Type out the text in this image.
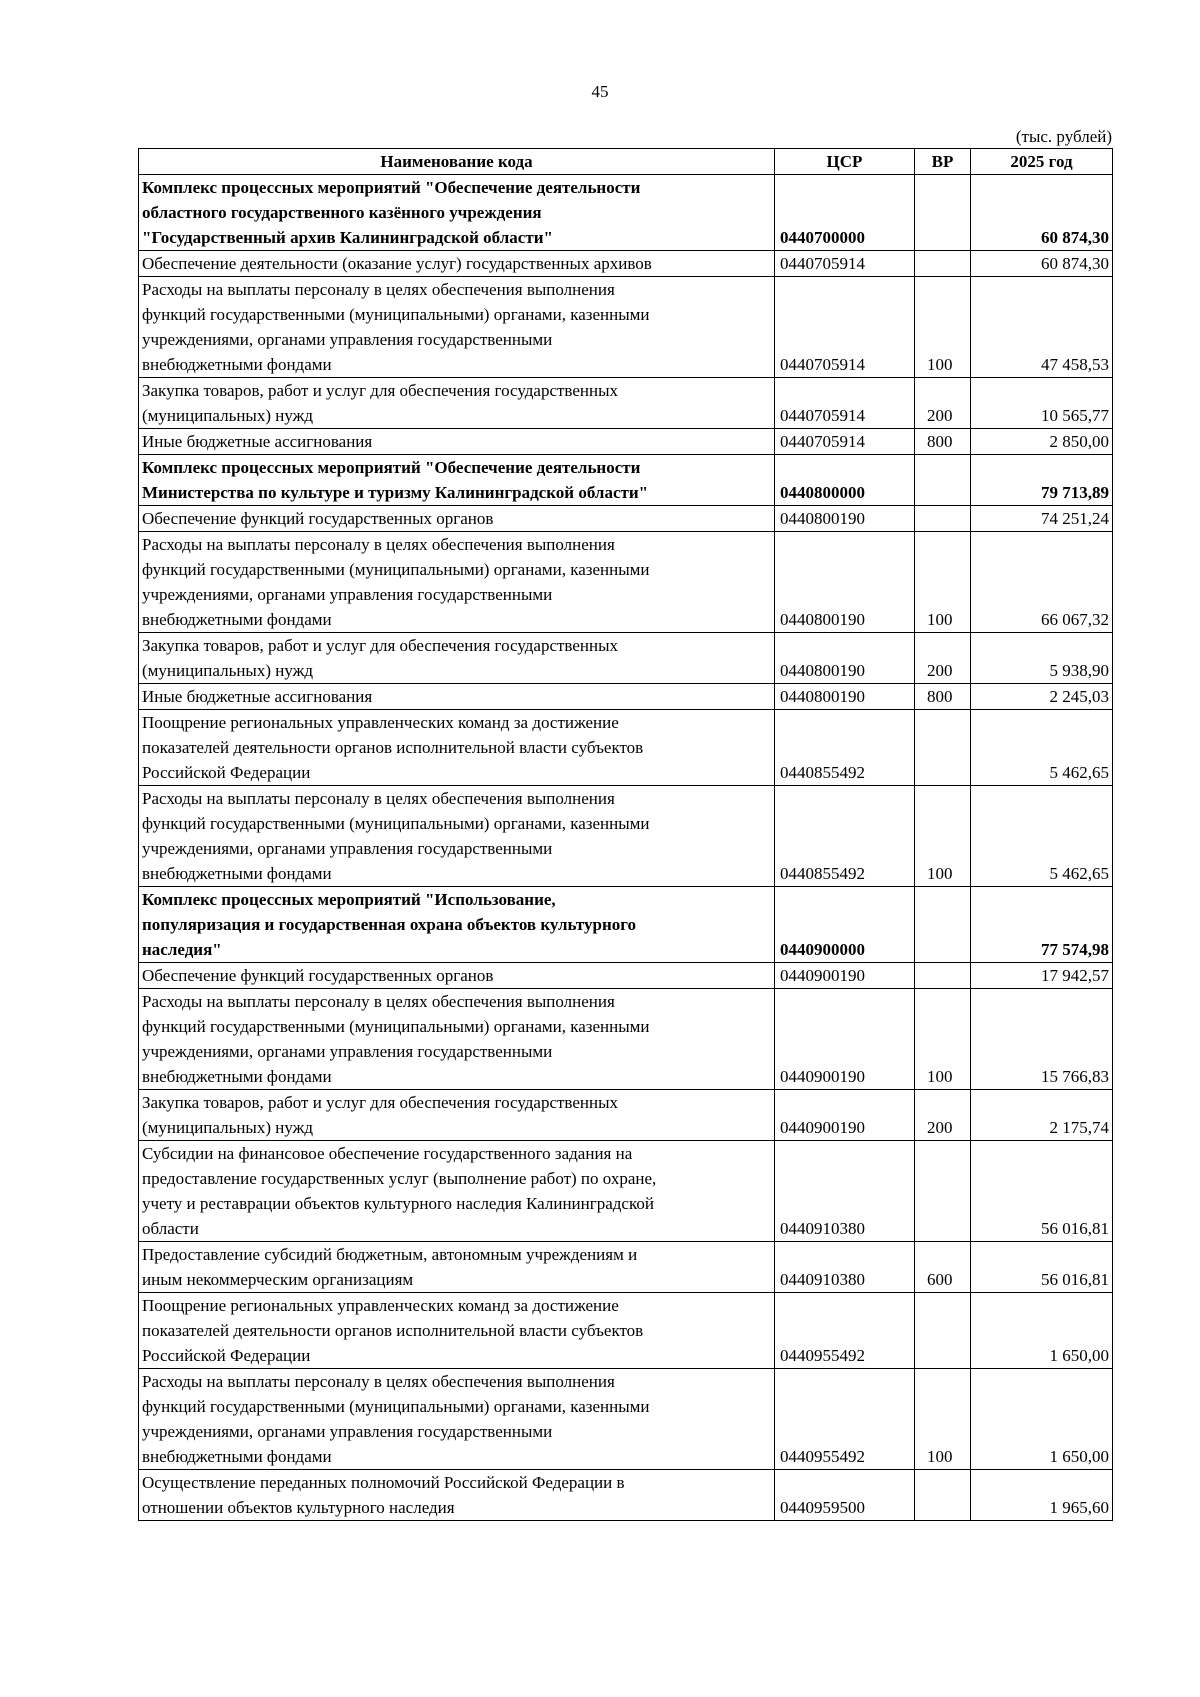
45
(тыс. рублей)
Наименование кода	ЦСР	ВР	2025 год
Комплекс процессных мероприятий "Обеспечение деятельности
областного государственного казённого учреждения
"Государственный архив Калининградской области"	0440700000		60 874,30
Обеспечение деятельности (оказание услуг) государственных архивов	0440705914		60 874,30
Расходы на выплаты персоналу в целях обеспечения выполнения
функций государственными (муниципальными) органами, казенными
учреждениями, органами управления государственными
внебюджетными фондами	0440705914	100	47 458,53
Закупка товаров, работ и услуг для обеспечения государственных
(муниципальных) нужд	0440705914	200	10 565,77
Иные бюджетные ассигнования	0440705914	800	2 850,00
Комплекс процессных мероприятий "Обеспечение деятельности
Министерства по культуре и туризму Калининградской области"	0440800000		79 713,89
Обеспечение функций государственных органов	0440800190		74 251,24
Расходы на выплаты персоналу в целях обеспечения выполнения
функций государственными (муниципальными) органами, казенными
учреждениями, органами управления государственными
внебюджетными фондами	0440800190	100	66 067,32
Закупка товаров, работ и услуг для обеспечения государственных
(муниципальных) нужд	0440800190	200	5 938,90
Иные бюджетные ассигнования	0440800190	800	2 245,03
Поощрение региональных управленческих команд за достижение
показателей деятельности органов исполнительной власти субъектов
Российской Федерации	0440855492		5 462,65
Расходы на выплаты персоналу в целях обеспечения выполнения
функций государственными (муниципальными) органами, казенными
учреждениями, органами управления государственными
внебюджетными фондами	0440855492	100	5 462,65
Комплекс процессных мероприятий "Использование,
популяризация и государственная охрана объектов культурного
наследия"	0440900000		77 574,98
Обеспечение функций государственных органов	0440900190		17 942,57
Расходы на выплаты персоналу в целях обеспечения выполнения
функций государственными (муниципальными) органами, казенными
учреждениями, органами управления государственными
внебюджетными фондами	0440900190	100	15 766,83
Закупка товаров, работ и услуг для обеспечения государственных
(муниципальных) нужд	0440900190	200	2 175,74
Субсидии на финансовое обеспечение государственного задания на
предоставление государственных услуг (выполнение работ) по охране,
учету и реставрации объектов культурного наследия Калининградской
области	0440910380		56 016,81
Предоставление субсидий бюджетным, автономным учреждениям и
иным некоммерческим организациям	0440910380	600	56 016,81
Поощрение региональных управленческих команд за достижение
показателей деятельности органов исполнительной власти субъектов
Российской Федерации	0440955492		1 650,00
Расходы на выплаты персоналу в целях обеспечения выполнения
функций государственными (муниципальными) органами, казенными
учреждениями, органами управления государственными
внебюджетными фондами	0440955492	100	1 650,00
Осуществление переданных полномочий Российской Федерации в
отношении объектов культурного наследия	0440959500		1 965,60
